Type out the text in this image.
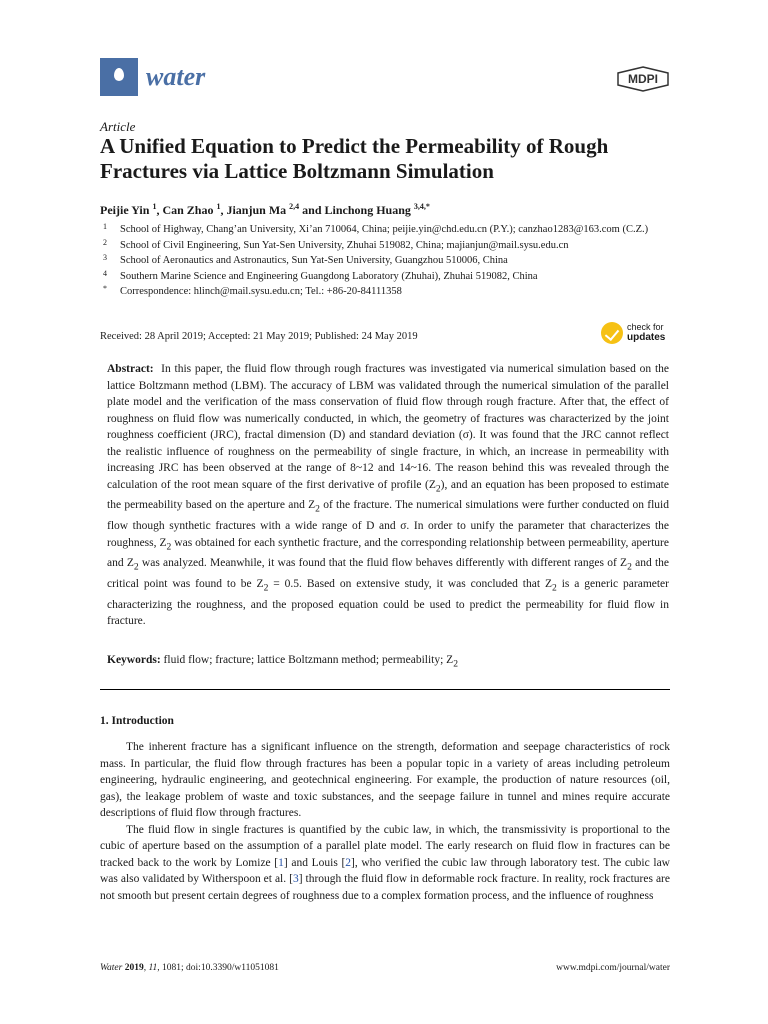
water	MDPI
Article
A Unified Equation to Predict the Permeability of Rough Fractures via Lattice Boltzmann Simulation
Peijie Yin $^1$, Can Zhao $^1$, Jianjun Ma $^{2,4}$ and Linchong Huang $^{3,4,*}$
1 School of Highway, Chang’an University, Xi’an 710064, China; peijie.yin@chd.edu.cn (P.Y.); canzhao1283@163.com (C.Z.)
2 School of Civil Engineering, Sun Yat-Sen University, Zhuhai 519082, China; majianjun@mail.sysu.edu.cn
3 School of Aeronautics and Astronautics, Sun Yat-Sen University, Guangzhou 510006, China
4 Southern Marine Science and Engineering Guangdong Laboratory (Zhuhai), Zhuhai 519082, China
* Correspondence: hlinch@mail.sysu.edu.cn; Tel.: +86-20-84111358
Received: 28 April 2019; Accepted: 21 May 2019; Published: 24 May 2019
check for
updates
Abstract: In this paper, the fluid flow through rough fractures was investigated via numerical simulation based on the lattice Boltzmann method (LBM). The accuracy of LBM was validated through the numerical simulation of the parallel plate model and the verification of the mass conservation of fluid flow through rough fracture. After that, the effect of roughness on fluid flow was numerically conducted, in which, the geometry of fractures was characterized by the joint roughness coefficient (JRC), fractal dimension (D) and standard deviation (σ). It was found that the JRC cannot reflect the realistic influence of roughness on the permeability of single fracture, in which, an increase in permeability with increasing JRC has been observed at the range of 8~12 and 14~16. The reason behind this was revealed through the calculation of the root mean square of the first derivative of profile $(Z_2)$, and an equation has been proposed to estimate the permeability based on the aperture and $Z_2$ of the fracture. The numerical simulations were further conducted on fluid flow though synthetic fractures with a wide range of D and σ. In order to unify the parameter that characterizes the roughness, $Z_2$ was obtained for each synthetic fracture, and the corresponding relationship between permeability, aperture and $Z_2$ was analyzed. Meanwhile, it was found that the fluid flow behaves differently with different ranges of $Z_2$ and the critical point was found to be $Z_2 = 0.5$. Based on extensive study, it was concluded that $Z_2$ is a generic parameter characterizing the roughness, and the proposed equation could be used to predict the permeability for fluid flow in fracture.
Keywords: fluid flow; fracture; lattice Boltzmann method; permeability; $Z_2$
1. Introduction

The inherent fracture has a significant influence on the strength, deformation and seepage characteristics of rock mass. In particular, the fluid flow through fractures has been a popular topic in a variety of areas including petroleum engineering, hydraulic engineering, and geotechnical engineering. For example, the production of nature resources (oil, gas), the leakage problem of waste and toxic substances, and the seepage failure in tunnel and mines require accurate descriptions of fluid flow through fractures.

The fluid flow in single fractures is quantified by the cubic law, in which, the transmissivity is proportional to the cubic of aperture based on the assumption of a parallel plate model. The early research on fluid flow in fractures can be tracked back to the work by Lomize [1] and Louis [2], who verified the cubic law through laboratory test. The cubic law was also validated by Witherspoon et al. [3] through the fluid flow in deformable rock fracture. In reality, rock fractures are not smooth but present certain degrees of roughness due to a complex formation process, and the influence of roughness

Water 2019, 11, 1081; doi:10.3390/w11051081	www.mdpi.com/journal/water
